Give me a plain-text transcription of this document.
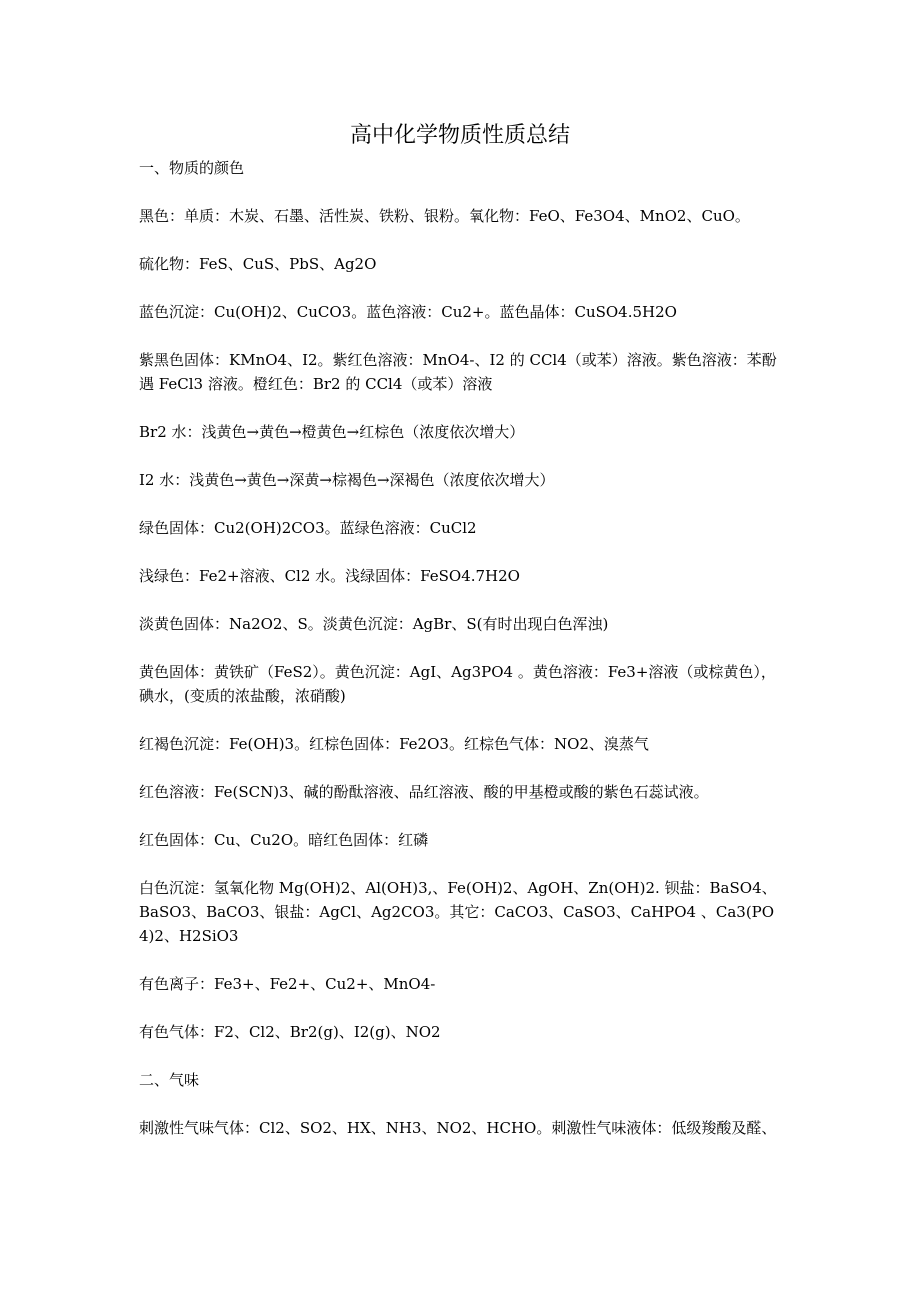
高中化学物质性质总结

一、物质的颜色

黑色：单质：木炭、石墨、活性炭、铁粉、银粉。氧化物：FeO、Fe3O4、MnO2、CuO。

硫化物：FeS、CuS、PbS、Ag2O

蓝色沉淀：Cu(OH)2、CuCO3。蓝色溶液：Cu2+。蓝色晶体：CuSO4.5H2O

紫黑色固体：KMnO4、I2。紫红色溶液：MnO4-、I2 的 CCl4（或苯）溶液。紫色溶液：苯酚遇 FeCl3 溶液。橙红色：Br2 的 CCl4（或苯）溶液

Br2 水：浅黄色→黄色→橙黄色→红棕色（浓度依次增大）

I2 水：浅黄色→黄色→深黄→棕褐色→深褐色（浓度依次增大）

绿色固体：Cu2(OH)2CO3。蓝绿色溶液：CuCl2

浅绿色：Fe2+溶液、Cl2 水。浅绿固体：FeSO4.7H2O

淡黄色固体：Na2O2、S。淡黄色沉淀：AgBr、S(有时出现白色浑浊)

黄色固体：黄铁矿（FeS2）。黄色沉淀：AgI、Ag3PO4 。黄色溶液：Fe3+溶液（或棕黄色），碘水，(变质的浓盐酸，浓硝酸)

红褐色沉淀：Fe(OH)3。红棕色固体：Fe2O3。红棕色气体：NO2、溴蒸气

红色溶液：Fe(SCN)3、碱的酚酞溶液、品红溶液、酸的甲基橙或酸的紫色石蕊试液。

红色固体：Cu、Cu2O。暗红色固体：红磷

白色沉淀：氢氧化物 Mg(OH)2、Al(OH)3,、Fe(OH)2、AgOH、Zn(OH)2. 钡盐：BaSO4、BaSO3、BaCO3、银盐：AgCl、Ag2CO3。其它：CaCO3、CaSO3、CaHPO4 、Ca3(PO4)2、H2SiO3

有色离子：Fe3+、Fe2+、Cu2+、MnO4-

有色气体：F2、Cl2、Br2(g)、I2(g)、NO2

二、气味

刺激性气味气体：Cl2、SO2、HX、NH3、NO2、HCHO。刺激性气味液体：低级羧酸及醛、
